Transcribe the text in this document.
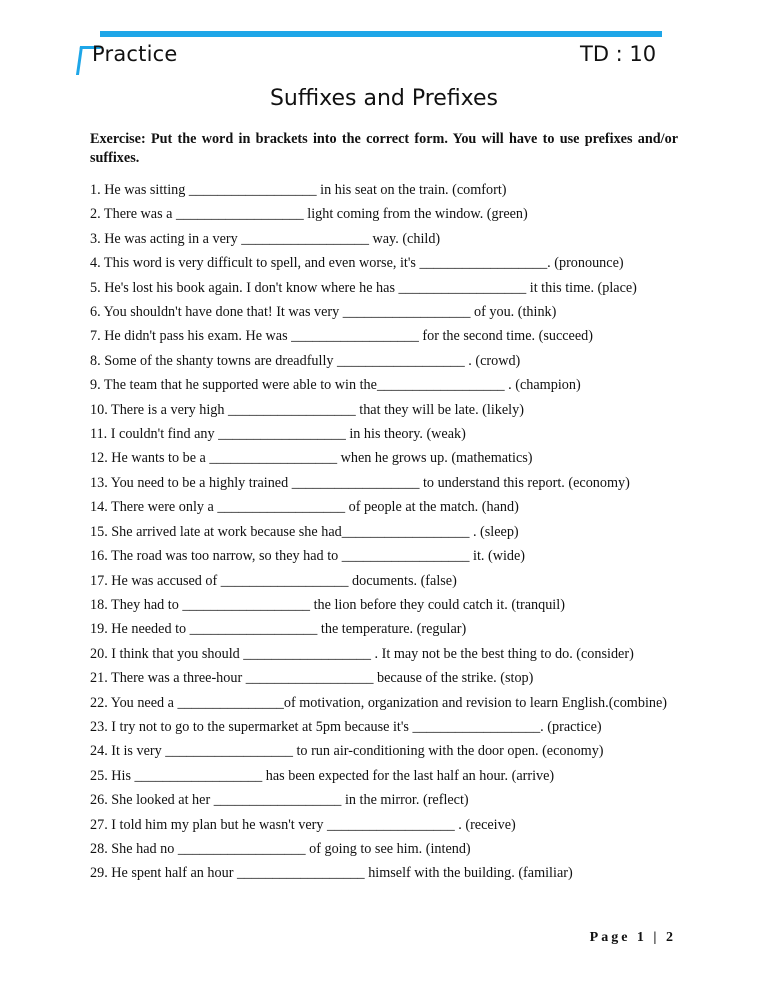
Practice	TD : 10
Suffixes and Prefixes
Exercise: Put the word in brackets into the correct form. You will have to use prefixes and/or suffixes.
1. He was sitting __________________ in his seat on the train. (comfort)
2. There was a __________________ light coming from the window. (green)
3. He was acting in a very __________________ way. (child)
4. This word is very difficult to spell, and even worse, it's __________________. (pronounce)
5. He's lost his book again. I don't know where he has __________________ it this time. (place)
6. You shouldn't have done that! It was very __________________ of you. (think)
7. He didn't pass his exam. He was __________________ for the second time. (succeed)
8. Some of the shanty towns are dreadfully __________________ . (crowd)
9. The team that he supported were able to win the__________________ . (champion)
10. There is a very high __________________ that they will be late. (likely)
11. I couldn't find any __________________ in his theory. (weak)
12. He wants to be a __________________ when he grows up. (mathematics)
13. You need to be a highly trained __________________ to understand this report. (economy)
14. There were only a __________________ of people at the match. (hand)
15. She arrived late at work because she had__________________ . (sleep)
16. The road was too narrow, so they had to __________________ it. (wide)
17. He was accused of __________________ documents. (false)
18. They had to __________________ the lion before they could catch it. (tranquil)
19. He needed to __________________ the temperature. (regular)
20. I think that you should __________________ . It may not be the best thing to do. (consider)
21. There was a three-hour __________________ because of the strike. (stop)
22. You need a _______________of motivation, organization and revision to learn English.(combine)
23. I try not to go to the supermarket at 5pm because it's __________________. (practice)
24. It is very __________________ to run air-conditioning with the door open. (economy)
25. His __________________ has been expected for the last half an hour. (arrive)
26. She looked at her __________________ in the mirror. (reflect)
27. I told him my plan but he wasn't very __________________ . (receive)
28. She had no __________________ of going to see him. (intend)
29. He spent half an hour __________________ himself with the building. (familiar)
Page 1 | 2
